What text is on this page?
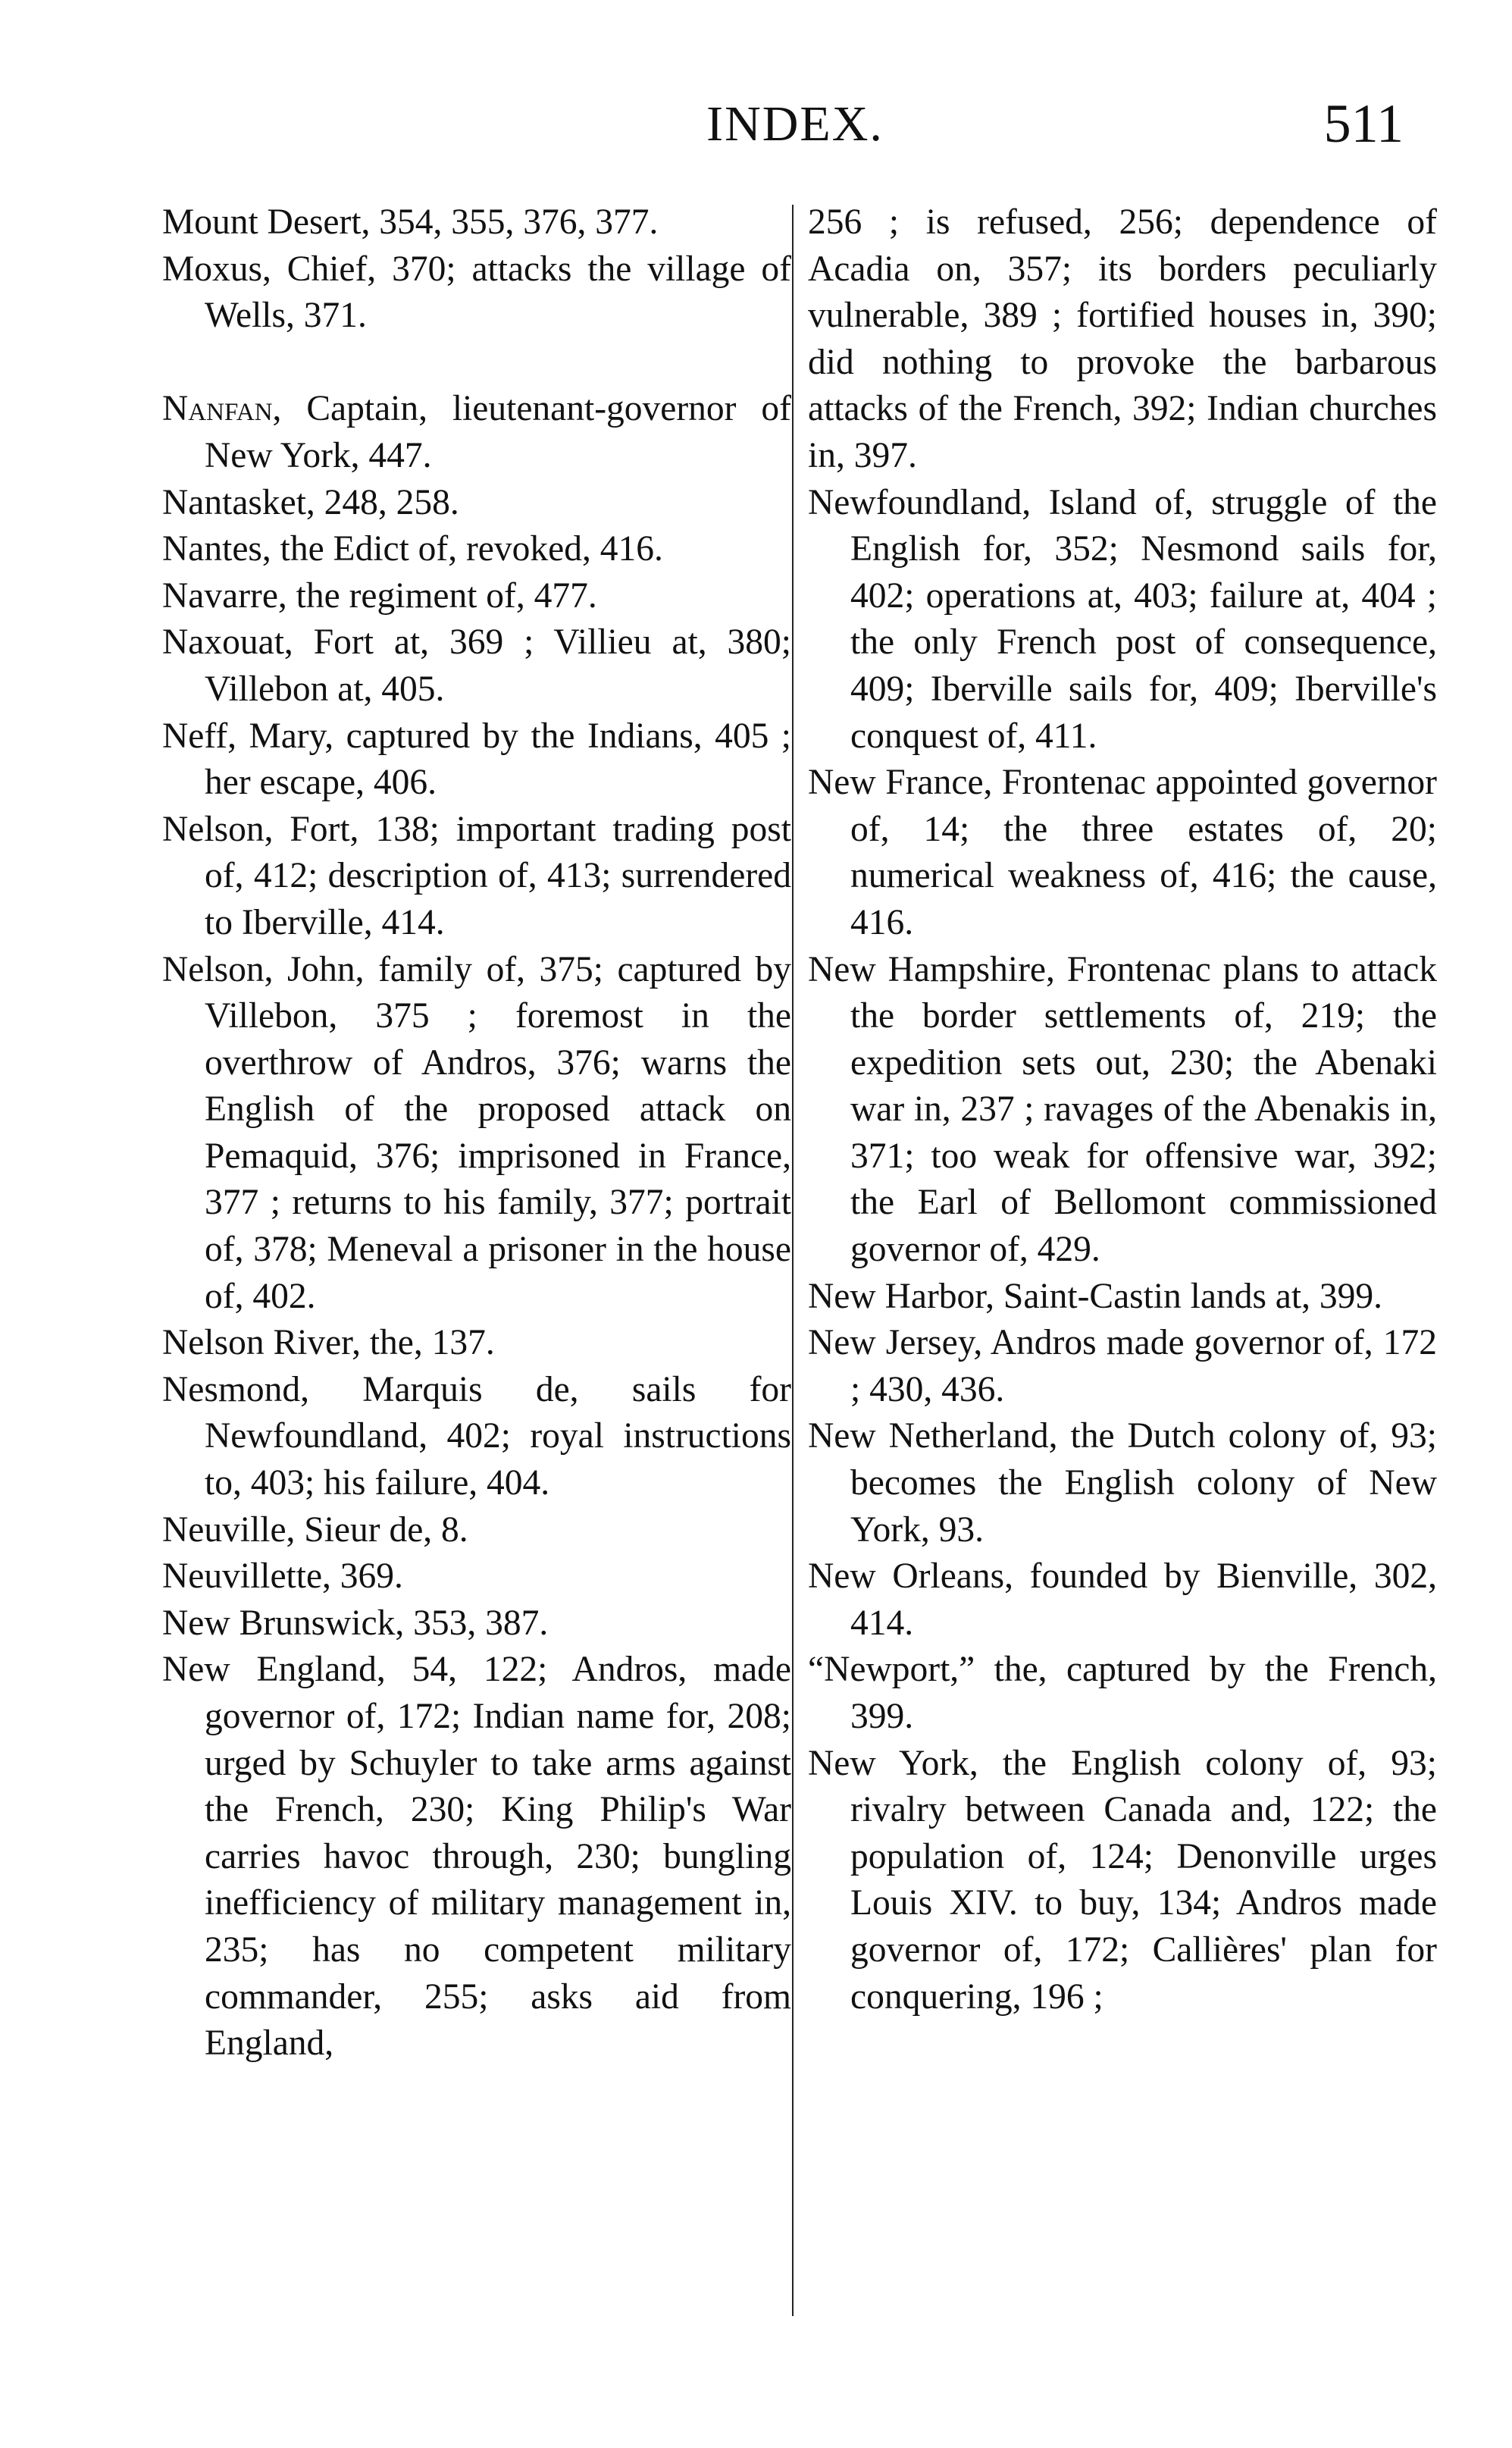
INDEX.	511

Mount Desert, 354, 355, 376, 377.

Moxus, Chief, 370; attacks the village of Wells, 371.

Nanfan, Captain, lieutenant-governor of New York, 447.

Nantasket, 248, 258.

Nantes, the Edict of, revoked, 416.

Navarre, the regiment of, 477.

Naxouat, Fort at, 369 ; Villieu at, 380; Villebon at, 405.

Neff, Mary, captured by the Indians, 405 ; her escape, 406.

Nelson, Fort, 138; important trading post of, 412; description of, 413; surrendered to Iberville, 414.

Nelson, John, family of, 375; captured by Villebon, 375 ; foremost in the overthrow of Andros, 376; warns the English of the proposed attack on Pemaquid, 376; imprisoned in France, 377 ; returns to his family, 377; portrait of, 378; Meneval a prisoner in the house of, 402.

Nelson River, the, 137.

Nesmond, Marquis de, sails for Newfoundland, 402; royal instructions to, 403; his failure, 404.

Neuville, Sieur de, 8.

Neuvillette, 369.

New Brunswick, 353, 387.

New England, 54, 122; Andros, made governor of, 172; Indian name for, 208; urged by Schuyler to take arms against the French, 230; King Philip's War carries havoc through, 230; bungling inefficiency of military management in, 235; has no competent military commander, 255; asks aid from England,

256 ; is refused, 256; dependence of Acadia on, 357; its borders peculiarly vulnerable, 389 ; fortified houses in, 390; did nothing to provoke the barbarous attacks of the French, 392; Indian churches in, 397.

Newfoundland, Island of, struggle of the English for, 352; Nesmond sails for, 402; operations at, 403; failure at, 404 ; the only French post of consequence, 409; Iberville sails for, 409; Iberville's conquest of, 411.

New France, Frontenac appointed governor of, 14; the three estates of, 20; numerical weakness of, 416; the cause, 416.

New Hampshire, Frontenac plans to attack the border settlements of, 219; the expedition sets out, 230; the Abenaki war in, 237 ; ravages of the Abenakis in, 371; too weak for offensive war, 392; the Earl of Bellomont commissioned governor of, 429.

New Harbor, Saint-Castin lands at, 399.

New Jersey, Andros made governor of, 172 ; 430, 436.

New Netherland, the Dutch colony of, 93; becomes the English colony of New York, 93.

New Orleans, founded by Bienville, 302, 414.

“Newport,” the, captured by the French, 399.

New York, the English colony of, 93; rivalry between Canada and, 122; the population of, 124; Denonville urges Louis XIV. to buy, 134; Andros made governor of, 172; Callières' plan for conquering, 196 ;
